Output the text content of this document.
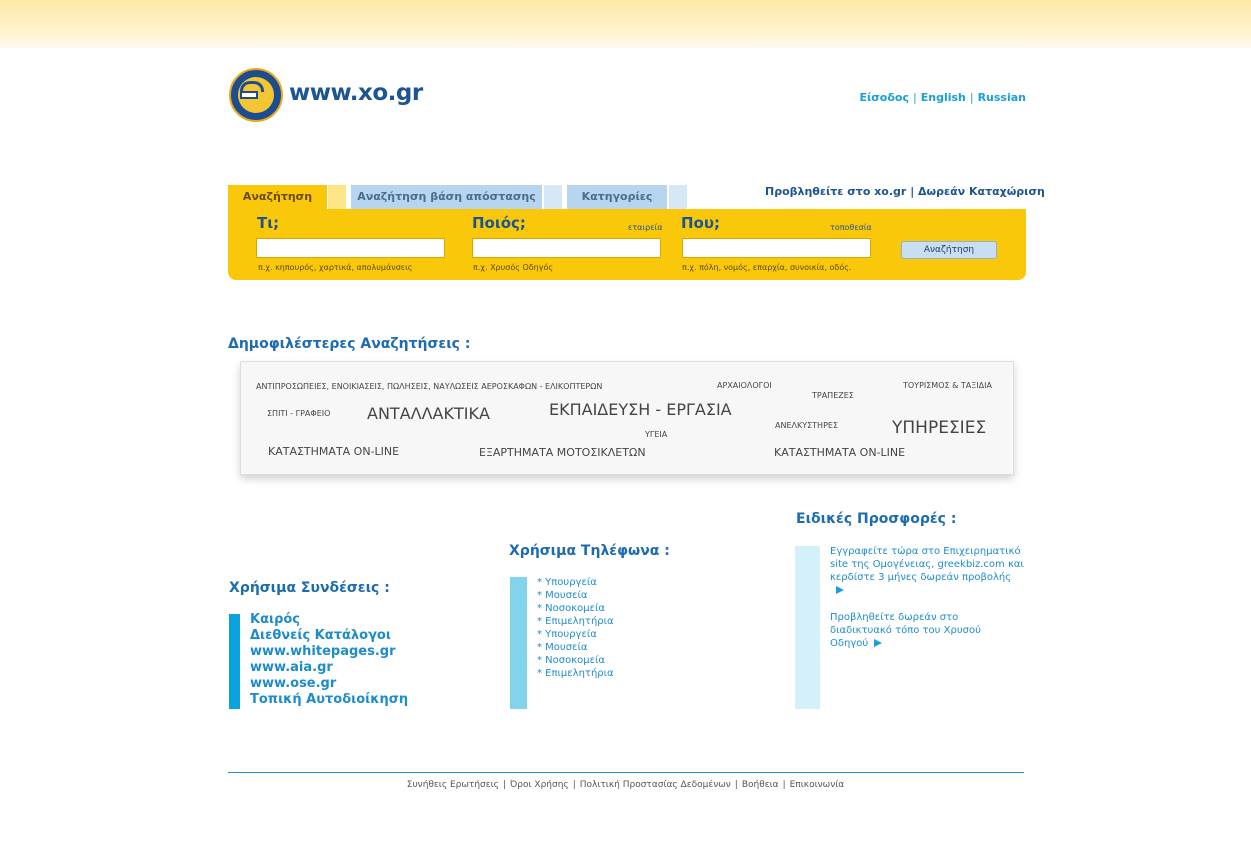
www.xo.gr	Είσοδος | English | Russian
Αναζήτηση	Αναζήτηση βάση απόστασης	Κατηγορίες	Προβληθείτε στο xo.gr | Δωρεάν Καταχώριση
Τι;
π.χ. κηπουρός, χαρτικά, απολυμάνσεις
Ποιός;	εταιρεία
π.χ. Χρυσός Οδηγός
Που;	τοποθεσία
π.χ. πόλη, νομός, επαρχία, συνοικία, οδός.
Αναζήτηση
Δημοφιλέστερες Αναζητήσεις :
ΑΝΤΙΠΡΟΣΩΠΕΙΕΣ, ΕΝΟΙΚΙΑΣΕΙΣ, ΠΩΛΗΣΕΙΣ, ΝΑΥΛΩΣΕΙΣ ΑΕΡΟΣΚΑΦΩΝ - ΕΛΙΚΟΠΤΕΡΩΝ	ΑΡΧΑΙΟΛΟΓΟΙ
ΤΡΑΠΕΖΕΣ
ΤΟΥΡΙΣΜΟΣ & ΤΑΞΙΔΙΑ
ΣΠΙΤΙ - ΓΡΑΦΕΙΟ ΑΝΤΑΛΛΑΚΤΙΚΑ	ΕΚΠΑΙΔΕΥΣΗ - ΕΡΓΑΣΙΑ
ΑΝΕΛΚΥΣΤΗΡΕΣ	ΥΠΗΡΕΣΙΕΣ
ΥΓΕΙΑ
ΚΑΤΑΣΤΗΜΑΤΑ ON-LINE	ΕΞΑΡΤΗΜΑΤΑ ΜΟΤΟΣΙΚΛΕΤΩΝ	ΚΑΤΑΣΤΗΜΑΤΑ ON-LINE
Χρήσιμα Συνδέσεις :
Καιρός
Διεθνείς Κατάλογοι
www.whitepages.gr
www.aia.gr
www.ose.gr
Τοπική Αυτοδιοίκηση
Χρήσιμα Τηλέφωνα :
* Υπουργεία
* Μουσεία
* Νοσοκομεία
* Επιμελητήρια
* Υπουργεία
* Μουσεία
* Νοσοκομεία
* Επιμελητήρια
Ειδικές Προσφορές :
Εγγραφείτε τώρα στο Επιχειρηματικό site της Ομογένειας, greekbiz.com και κερδίστε 3 μήνες δωρεάν προβολής
Προβληθείτε δωρεάν στο διαδικτυακό τόπο του Χρυσού Οδηγού
Συνήθεις Ερωτήσεις | Όροι Χρήσης | Πολιτική Προστασίας Δεδομένων | Βοήθεια | Επικοινωνία
